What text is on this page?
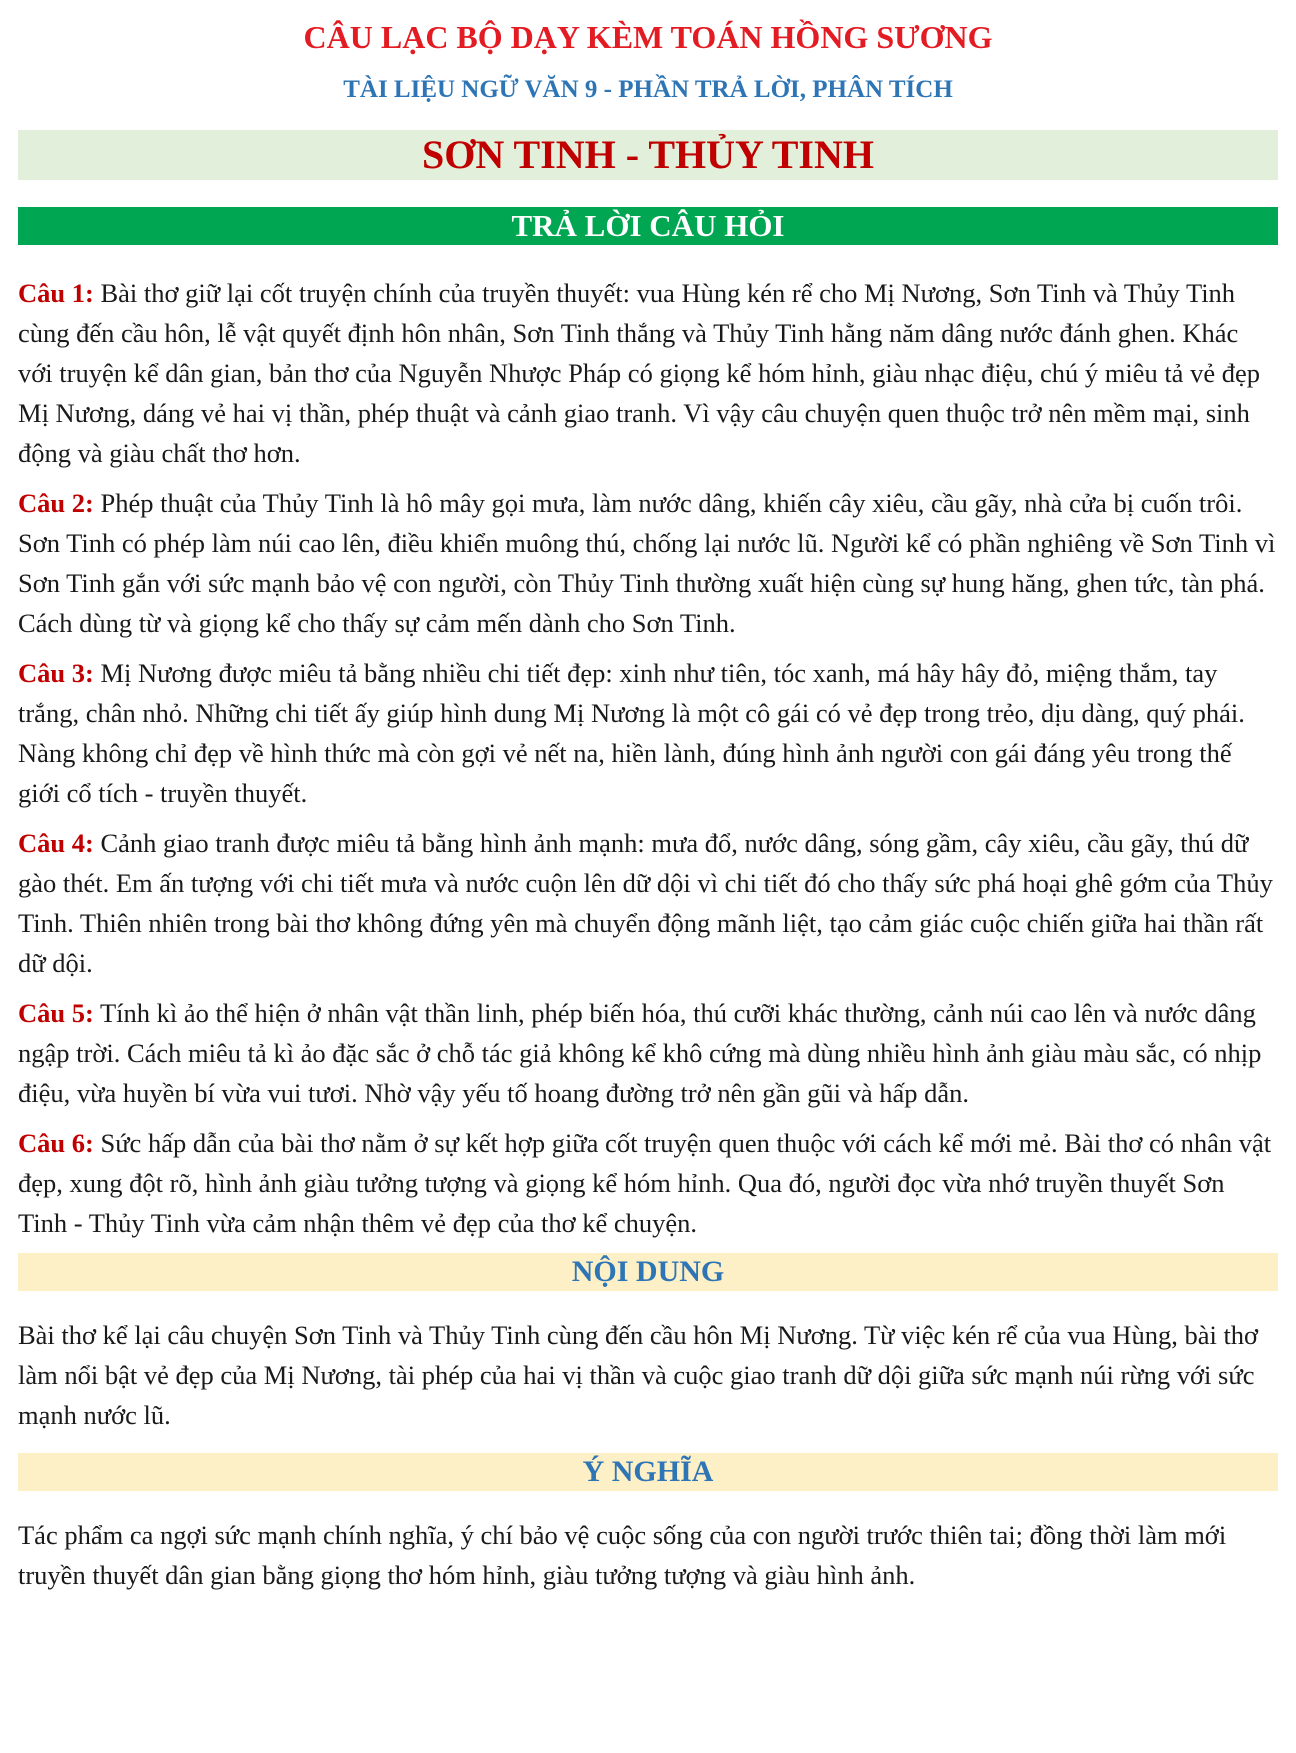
CÂU LẠC BỘ DẠY KÈM TOÁN HỒNG SƯƠNG
TÀI LIỆU NGỮ VĂN 9 - PHẦN TRẢ LỜI, PHÂN TÍCH
SƠN TINH - THỦY TINH
TRẢ LỜI CÂU HỎI

Câu 1: Bài thơ giữ lại cốt truyện chính của truyền thuyết: vua Hùng kén rể cho Mị Nương, Sơn Tinh và Thủy Tinh cùng đến cầu hôn, lễ vật quyết định hôn nhân, Sơn Tinh thắng và Thủy Tinh hằng năm dâng nước đánh ghen. Khác với truyện kể dân gian, bản thơ của Nguyễn Nhược Pháp có giọng kể hóm hỉnh, giàu nhạc điệu, chú ý miêu tả vẻ đẹp Mị Nương, dáng vẻ hai vị thần, phép thuật và cảnh giao tranh. Vì vậy câu chuyện quen thuộc trở nên mềm mại, sinh động và giàu chất thơ hơn.

Câu 2: Phép thuật của Thủy Tinh là hô mây gọi mưa, làm nước dâng, khiến cây xiêu, cầu gãy, nhà cửa bị cuốn trôi. Sơn Tinh có phép làm núi cao lên, điều khiển muông thú, chống lại nước lũ. Người kể có phần nghiêng về Sơn Tinh vì Sơn Tinh gắn với sức mạnh bảo vệ con người, còn Thủy Tinh thường xuất hiện cùng sự hung hăng, ghen tức, tàn phá. Cách dùng từ và giọng kể cho thấy sự cảm mến dành cho Sơn Tinh.

Câu 3: Mị Nương được miêu tả bằng nhiều chi tiết đẹp: xinh như tiên, tóc xanh, má hây hây đỏ, miệng thắm, tay trắng, chân nhỏ. Những chi tiết ấy giúp hình dung Mị Nương là một cô gái có vẻ đẹp trong trẻo, dịu dàng, quý phái. Nàng không chỉ đẹp về hình thức mà còn gợi vẻ nết na, hiền lành, đúng hình ảnh người con gái đáng yêu trong thế giới cổ tích - truyền thuyết.

Câu 4: Cảnh giao tranh được miêu tả bằng hình ảnh mạnh: mưa đổ, nước dâng, sóng gầm, cây xiêu, cầu gãy, thú dữ gào thét. Em ấn tượng với chi tiết mưa và nước cuộn lên dữ dội vì chi tiết đó cho thấy sức phá hoại ghê gớm của Thủy Tinh. Thiên nhiên trong bài thơ không đứng yên mà chuyển động mãnh liệt, tạo cảm giác cuộc chiến giữa hai thần rất dữ dội.

Câu 5: Tính kì ảo thể hiện ở nhân vật thần linh, phép biến hóa, thú cưỡi khác thường, cảnh núi cao lên và nước dâng ngập trời. Cách miêu tả kì ảo đặc sắc ở chỗ tác giả không kể khô cứng mà dùng nhiều hình ảnh giàu màu sắc, có nhịp điệu, vừa huyền bí vừa vui tươi. Nhờ vậy yếu tố hoang đường trở nên gần gũi và hấp dẫn.

Câu 6: Sức hấp dẫn của bài thơ nằm ở sự kết hợp giữa cốt truyện quen thuộc với cách kể mới mẻ. Bài thơ có nhân vật đẹp, xung đột rõ, hình ảnh giàu tưởng tượng và giọng kể hóm hỉnh. Qua đó, người đọc vừa nhớ truyền thuyết Sơn Tinh - Thủy Tinh vừa cảm nhận thêm vẻ đẹp của thơ kể chuyện.

NỘI DUNG

Bài thơ kể lại câu chuyện Sơn Tinh và Thủy Tinh cùng đến cầu hôn Mị Nương. Từ việc kén rể của vua Hùng, bài thơ làm nổi bật vẻ đẹp của Mị Nương, tài phép của hai vị thần và cuộc giao tranh dữ dội giữa sức mạnh núi rừng với sức mạnh nước lũ.

Ý NGHĨA

Tác phẩm ca ngợi sức mạnh chính nghĩa, ý chí bảo vệ cuộc sống của con người trước thiên tai; đồng thời làm mới truyền thuyết dân gian bằng giọng thơ hóm hỉnh, giàu tưởng tượng và giàu hình ảnh.
